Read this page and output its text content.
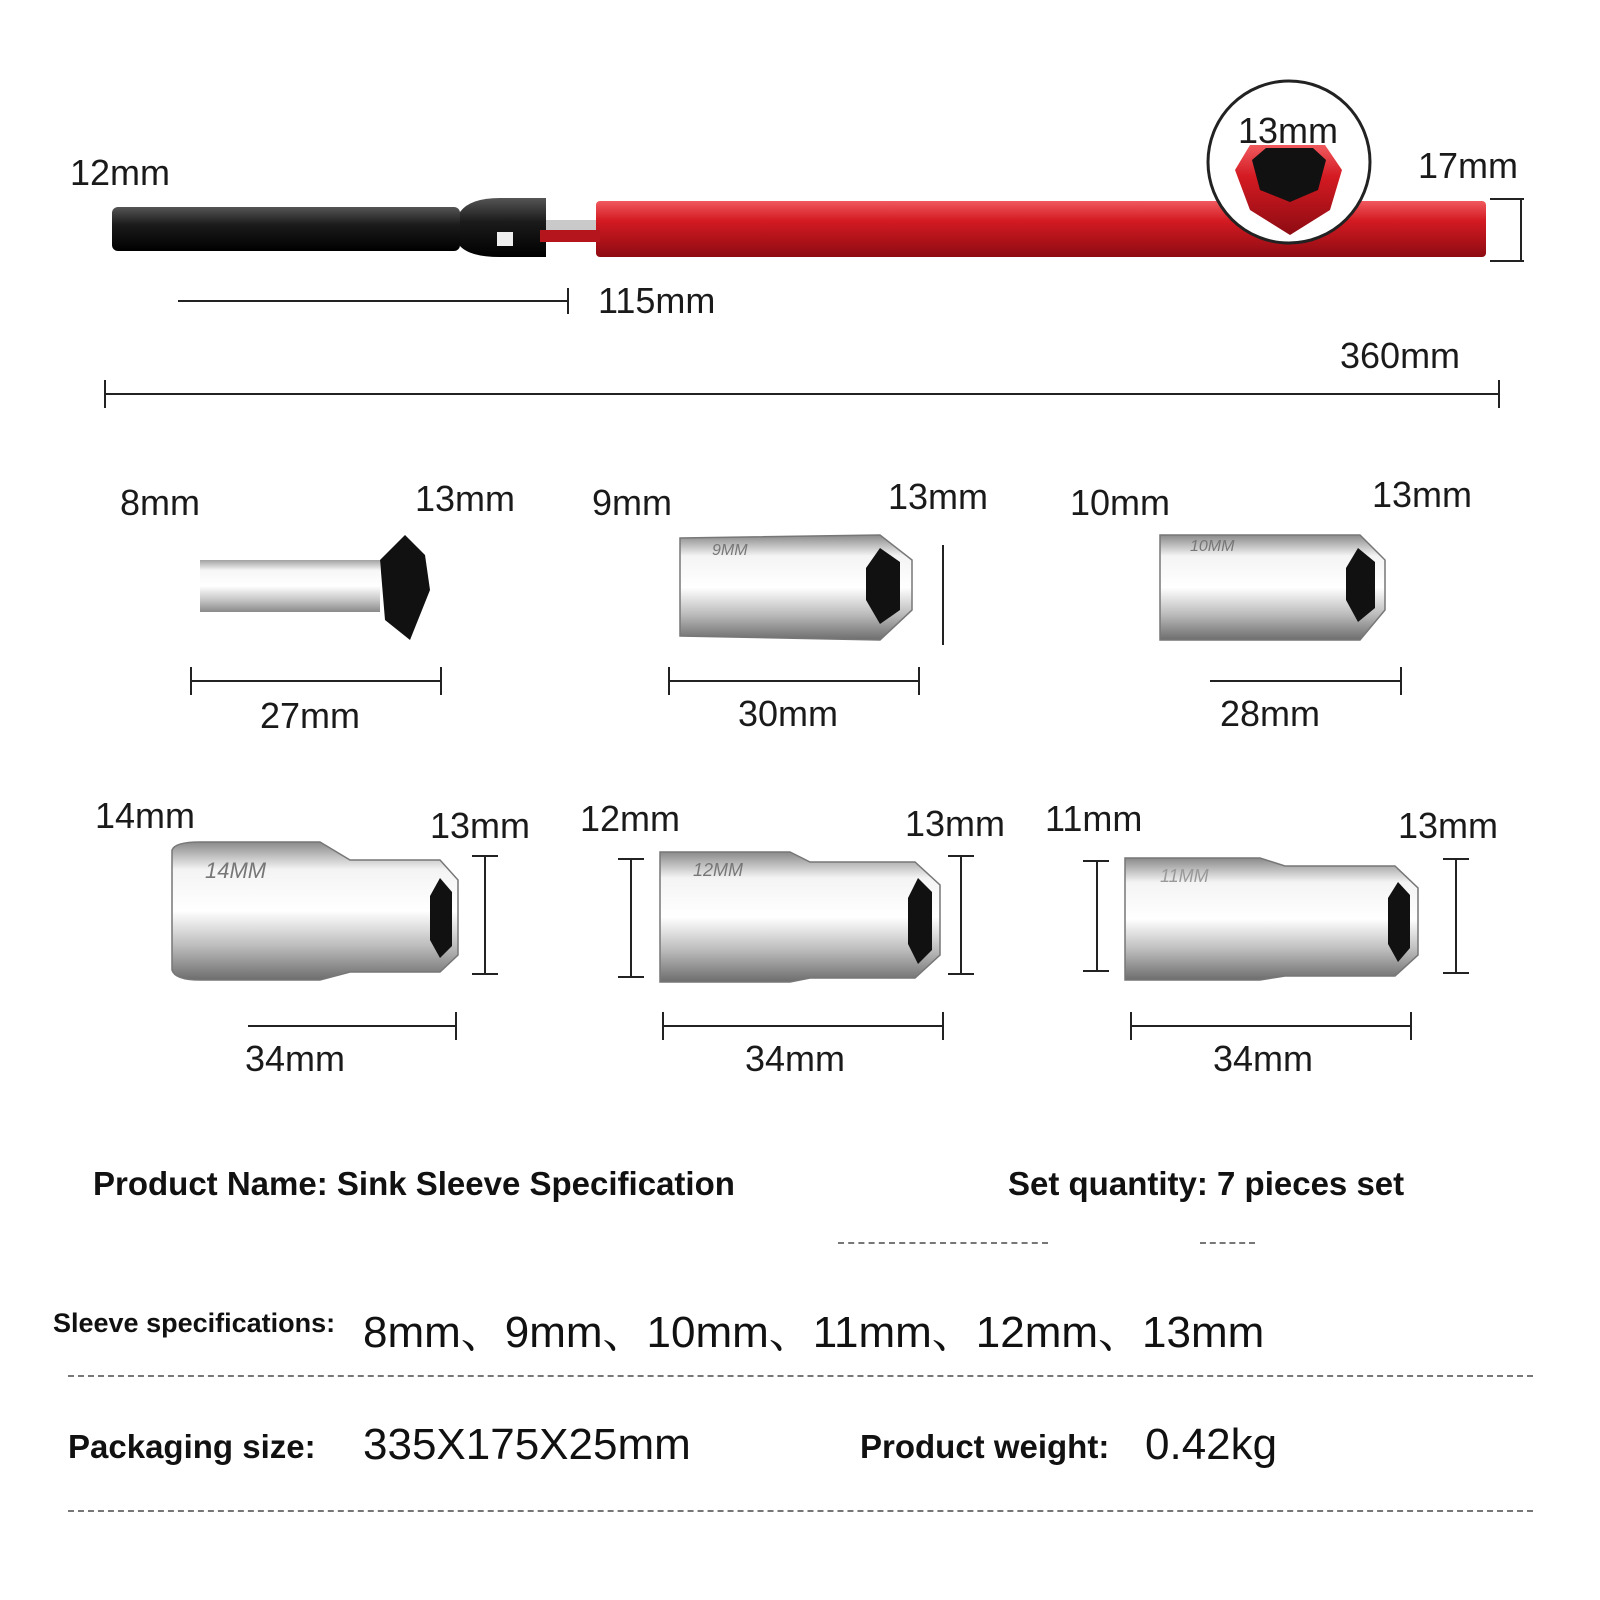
12mm
13mm
17mm
115mm
360mm
8mm	13mm
27mm
9mm	13mm
30mm
10mm	13mm
28mm
14mm	13mm
34mm
12mm	13mm
34mm
11mm	13mm
34mm
9MM	10MM
14MM	12MM	11MM
Product Name: Sink Sleeve Specification	Set quantity: 7 pieces set
Sleeve specifications: 8mm、9mm、10mm、11mm、12mm、13mm
Packaging size: 335X175X25mm	Product weight: 0.42kg
